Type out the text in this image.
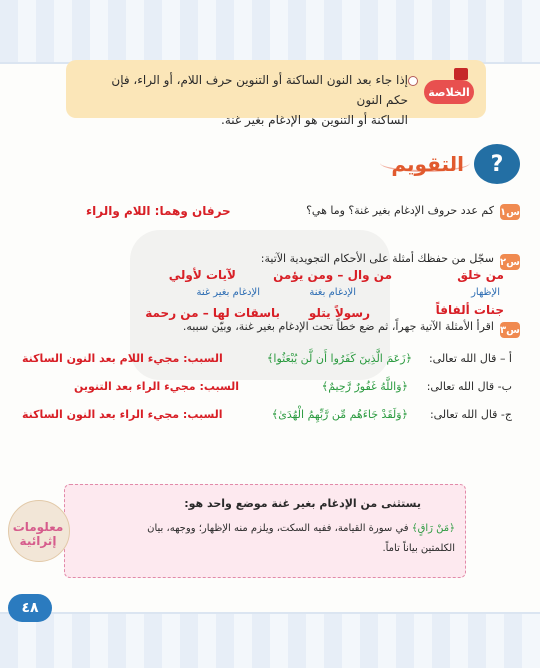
الخلاصة
إذا جاء بعد النون الساكنة أو التنوين حرف اللام، أو الراء، فإن حكم النون
الساكنة أو التنوين هو الإدغام بغير غنة.
?
التقويم
س١
كم عدد حروف الإدغام بغير غنة؟ وما هي؟
حرفان وهما: اللام والراء
س٢
سجّل من حفظك أمثلة على الأحكام التجويدية الآتية:
من خلق
من وال – ومن يؤمن
لآيات لأولي
الإظهار
الإدغام بغنة
الإدغام بغير غنة
جنات ألفافاً
رسولاً يتلو
باسقات لها – من رحمة
س٣
اقرأ الأمثلة الآتية جهراً، ثم ضع خطاً تحت الإدغام بغير غنة، وبيّن سببه.
أ – قال الله تعالى:
﴿زَعَمَ الَّذِينَ كَفَرُوا أَن لَّن يُبْعَثُوا﴾
السبب: مجيء اللام بعد النون الساكنة
ب- قال الله تعالى:
﴿وَاللَّهُ غَفُورٌ رَّحِيمٌ﴾
السبب: مجيء الراء بعد التنوين
ج- قال الله تعالى:
﴿وَلَقَدْ جَاءَهُم مِّن رَّبِّهِمُ الْهُدَىٰ﴾
السبب: مجيء الراء بعد النون الساكنة
يستثنى من الإدغام بغير غنة موضع واحد هو:
﴿مَنْ رَاقٍ﴾ في سورة القيامة، ففيه السكت، ويلزم منه الإظهار؛ ووجهه، بيان
الكلمتين بياناً تاماً.
معلومات إثرائية
٤٨
